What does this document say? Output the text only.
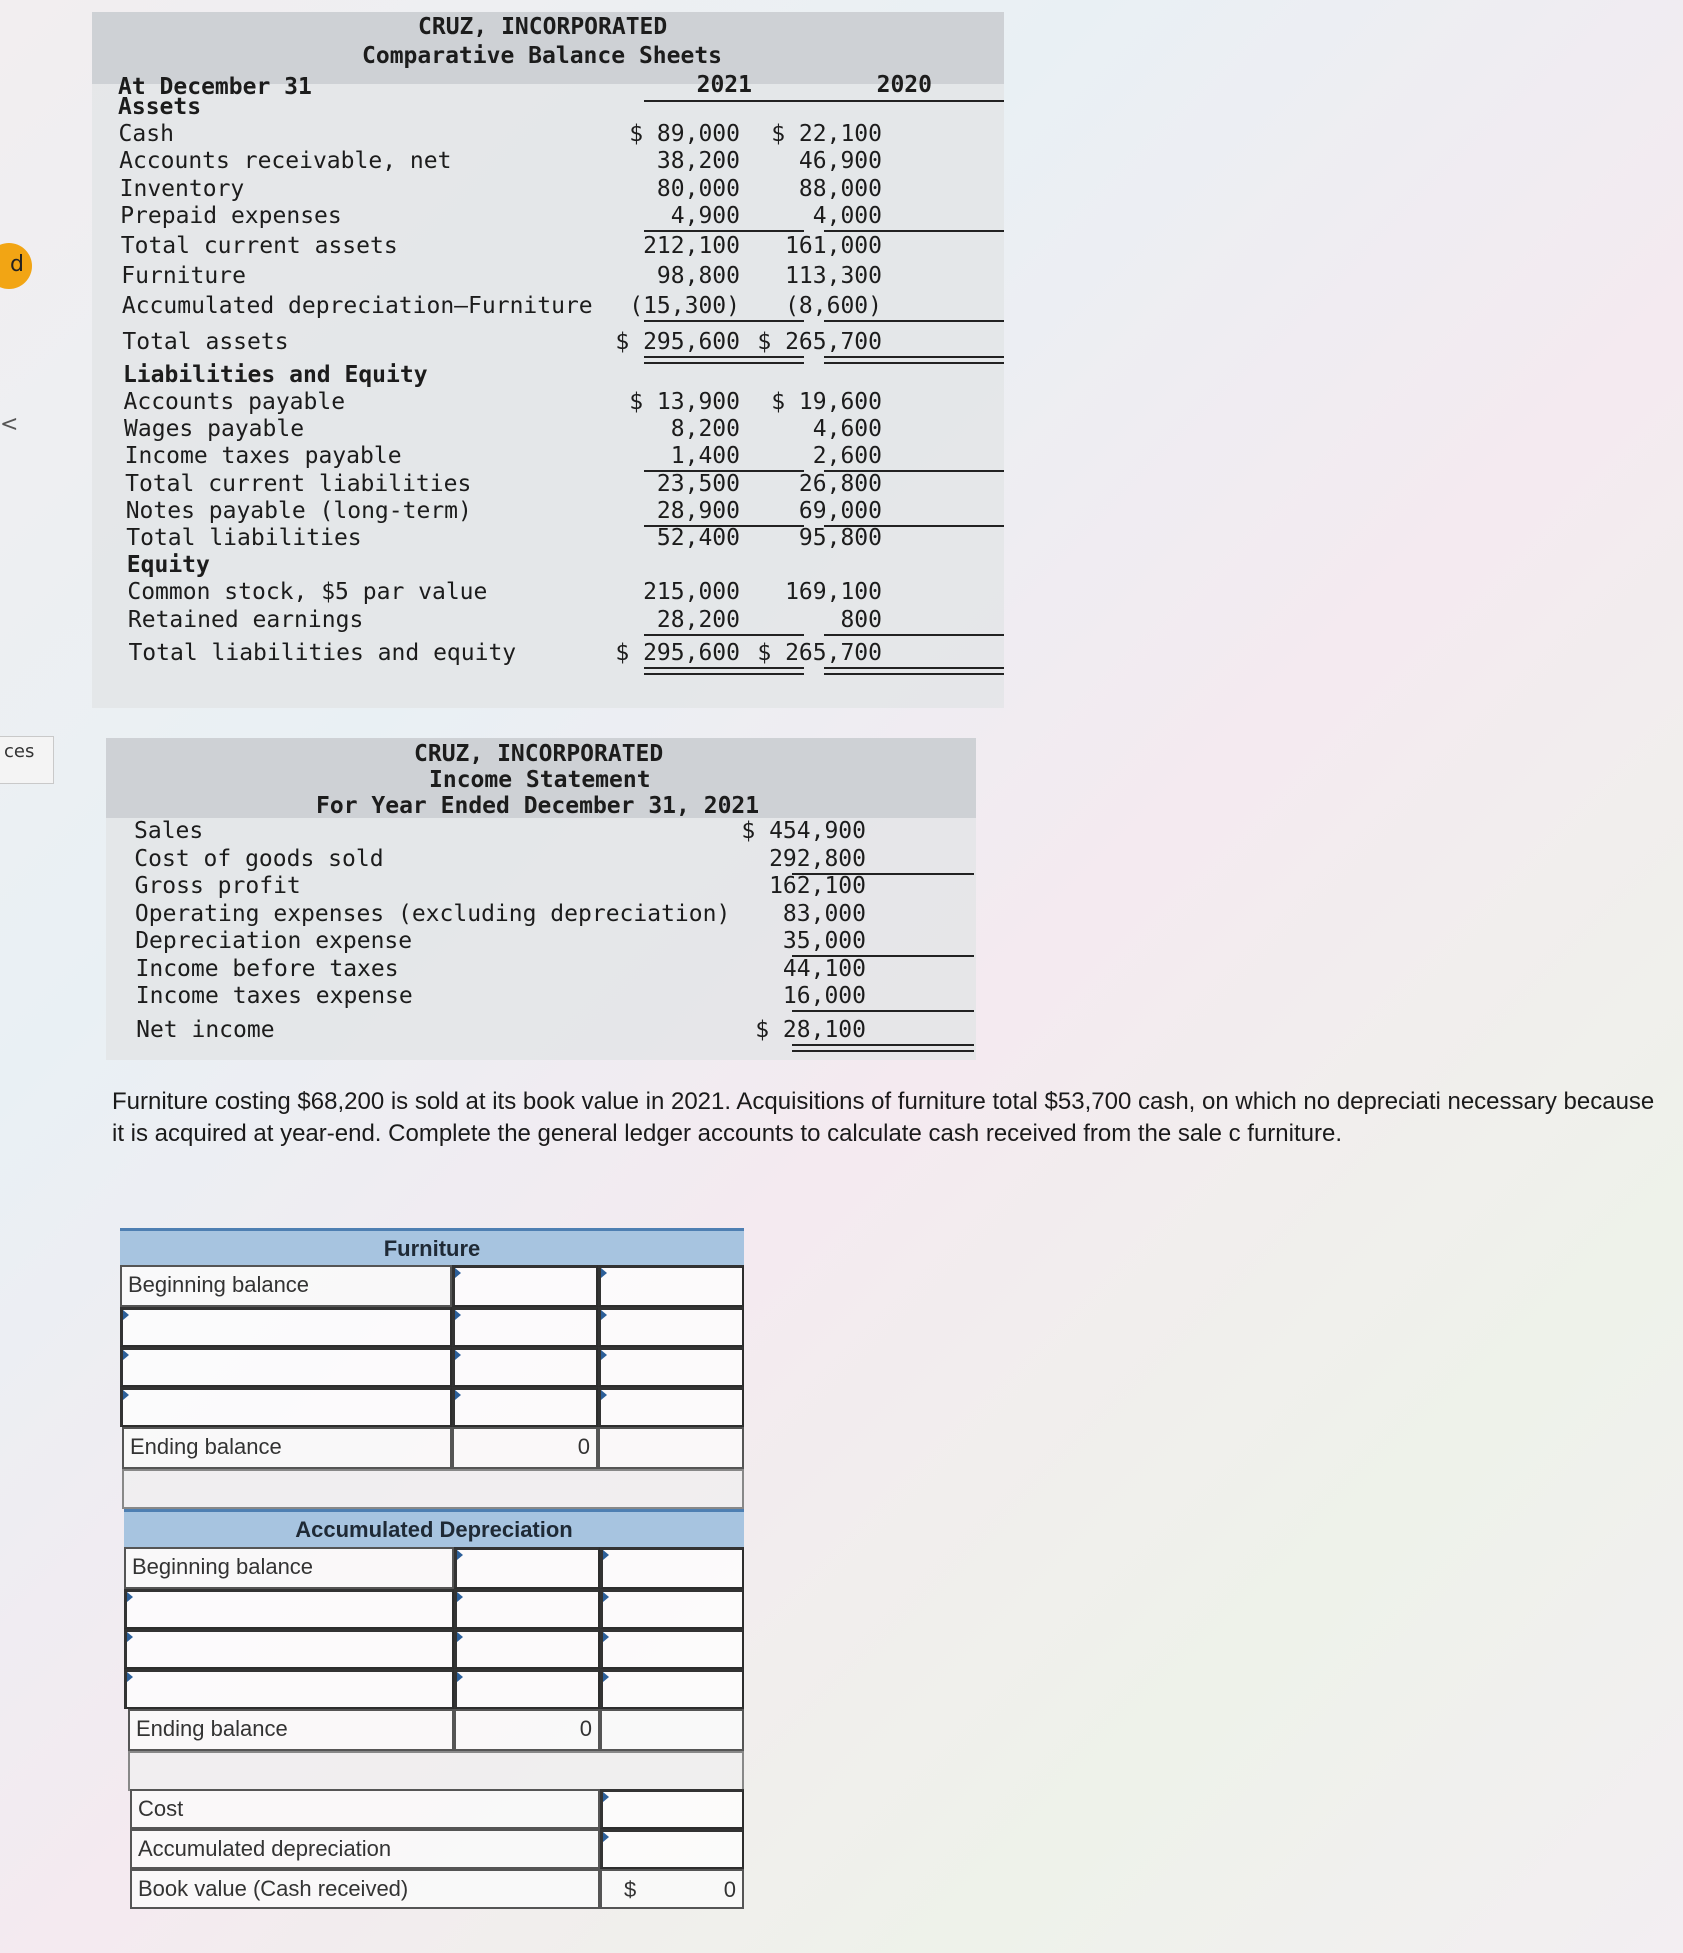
d
<
ces
CRUZ, INCORPORATED
Comparative Balance Sheets
At December 31	2021	2020
Assets
Cash	$ 89,000	$ 22,100
Accounts receivable, net	38,200	46,900
Inventory	80,000	88,000
Prepaid expenses	4,900	4,000
Total current assets	212,100	161,000
Furniture	98,800	113,300
Accumulated depreciation—Furniture	(15,300)	(8,600)
Total assets	$ 295,600 $ 265,700
Liabilities and Equity
Accounts payable	$ 13,900	$ 19,600
Wages payable	8,200	4,600
Income taxes payable	1,400	2,600
Total current liabilities	23,500	26,800
Notes payable (long-term)	28,900	69,000
Total liabilities	52,400	95,800
Equity
Common stock, $5 par value	215,000	169,100
Retained earnings	28,200	800
Total liabilities and equity	$ 295,600 $ 265,700
CRUZ, INCORPORATED
Income Statement
For Year Ended December 31, 2021
Sales	$ 454,900
Cost of goods sold	292,800
Gross profit	162,100
Operating expenses (excluding depreciation)	83,000
Depreciation expense	35,000
Income before taxes	44,100
Income taxes expense	16,000
Net income	$ 28,100
Furniture costing $68,200 is sold at its book value in 2021. Acquisitions of furniture total $53,700 cash, on which no depreciati necessary because it is acquired at year-end. Complete the general ledger accounts to calculate cash received from the sale c furniture.
Furniture
Beginning balance
Ending balance	0
Accumulated Depreciation
Beginning balance
Ending balance	0
Cost
Accumulated depreciation
Book value (Cash received)	$	0
